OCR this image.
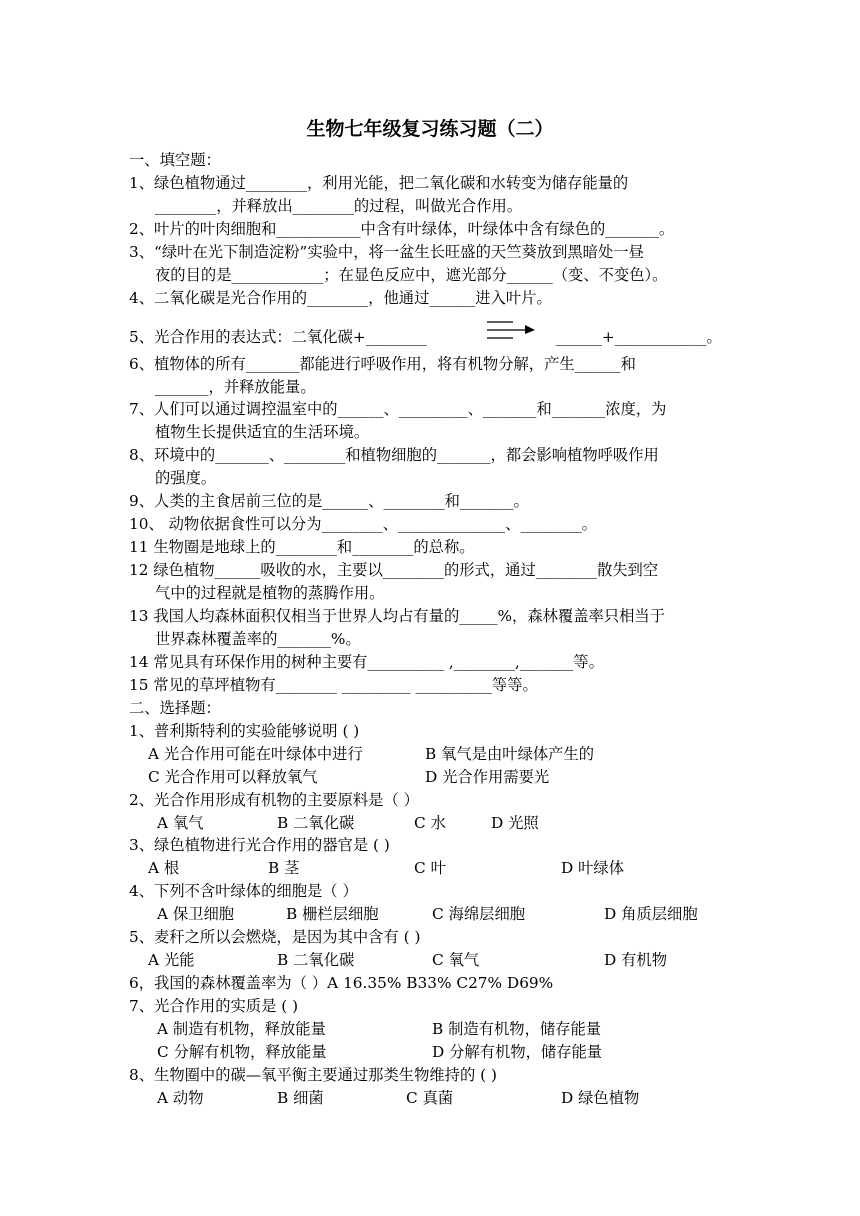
生物七年级复习练习题（二）
一、填空题：
1、绿色植物通过________，利用光能，把二氧化碳和水转变为储存能量的
________，并释放出________的过程，叫做光合作用。
2、叶片的叶肉细胞和___________中含有叶绿体，叶绿体中含有绿色的_______。
3、“绿叶在光下制造淀粉”实验中，将一盆生长旺盛的天竺葵放到黑暗处一昼
夜的目的是____________；在显色反应中，遮光部分______（变、不变色）。
4、二氧化碳是光合作用的________，他通过______进入叶片。
5、光合作用的表达式：二氧化碳+________	______+____________。
6、植物体的所有_______都能进行呼吸作用，将有机物分解，产生______和
_______，并释放能量。
7、人们可以通过调控温室中的______、_________、_______和_______浓度，为
植物生长提供适宜的生活环境。
8、环境中的_______、________和植物细胞的_______，都会影响植物呼吸作用
的强度。
9、人类的主食居前三位的是______、________和_______。
10、 动物依据食性可以分为________、______________、________。
11 生物圈是地球上的________和________的总称。
12 绿色植物______吸收的水，主要以________的形式，通过________散失到空
气中的过程就是植物的蒸腾作用。
13 我国人均森林面积仅相当于世界人均占有量的_____%，森林覆盖率只相当于
世界森林覆盖率的_______%。
14 常见具有环保作用的树种主要有__________ ,________,_______等。
15 常见的草坪植物有________ _________ __________等等。
二、选择题：
1、普利斯特利的实验能够说明 ( )
A 光合作用可能在叶绿体中进行	B 氧气是由叶绿体产生的
C 光合作用可以释放氧气	D 光合作用需要光
2、光合作用形成有机物的主要原料是（ ）
A 氧气	B 二氧化碳	C 水	D 光照
3、绿色植物进行光合作用的器官是 ( )
A 根	B 茎	C 叶	D 叶绿体
4、下列不含叶绿体的细胞是（ ）
A 保卫细胞	B 栅栏层细胞	C 海绵层细胞	D 角质层细胞
5、麦秆之所以会燃烧，是因为其中含有 ( )
A 光能	B 二氧化碳	C 氧气	D 有机物
6，我国的森林覆盖率为（ ）A 16.35% B33% C27% D69%
7、光合作用的实质是 ( )
A 制造有机物，释放能量	B 制造有机物，储存能量
C 分解有机物，释放能量	D 分解有机物，储存能量
8、生物圈中的碳—氧平衡主要通过那类生物维持的 ( )
A 动物	B 细菌	C 真菌	D 绿色植物
